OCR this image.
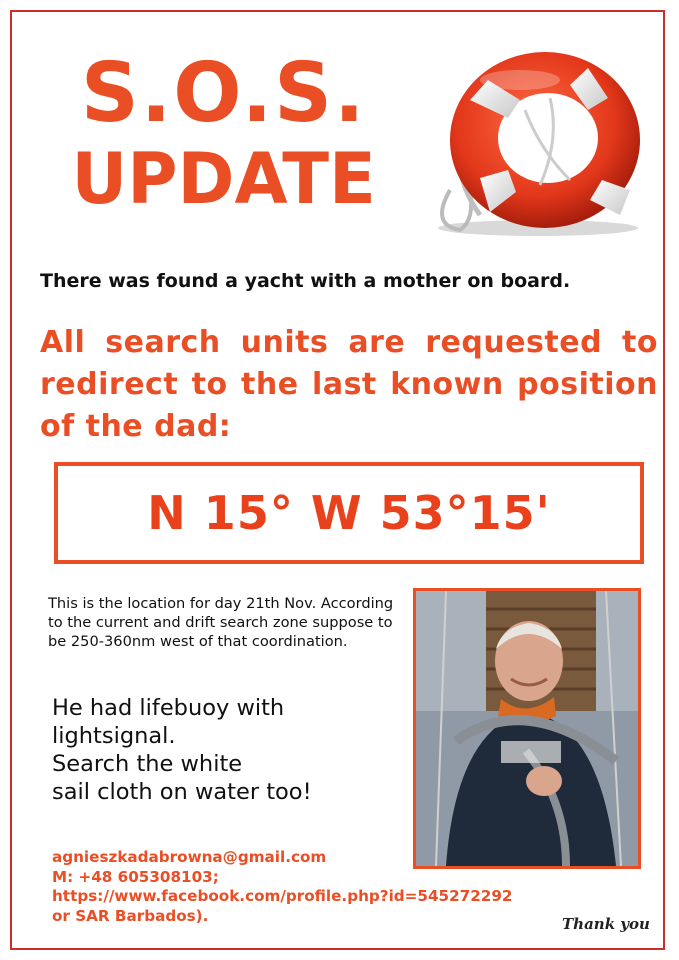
S.O.S.
UPDATE
There was found a yacht with a mother on board.
All search units are requested to redirect to the last known position of the dad:
N 15° W 53°15'
This is the location for day 21th Nov. According to the current and drift search zone suppose to be 250-360nm west of that coordination.
He had lifebuoy with
lightsignal.
Search the white
sail cloth on water too!
agnieszkadabrowna@gmail.com
M: +48 605308103;
https://www.facebook.com/profile.php?id=545272292
or SAR Barbados).	Thank you
